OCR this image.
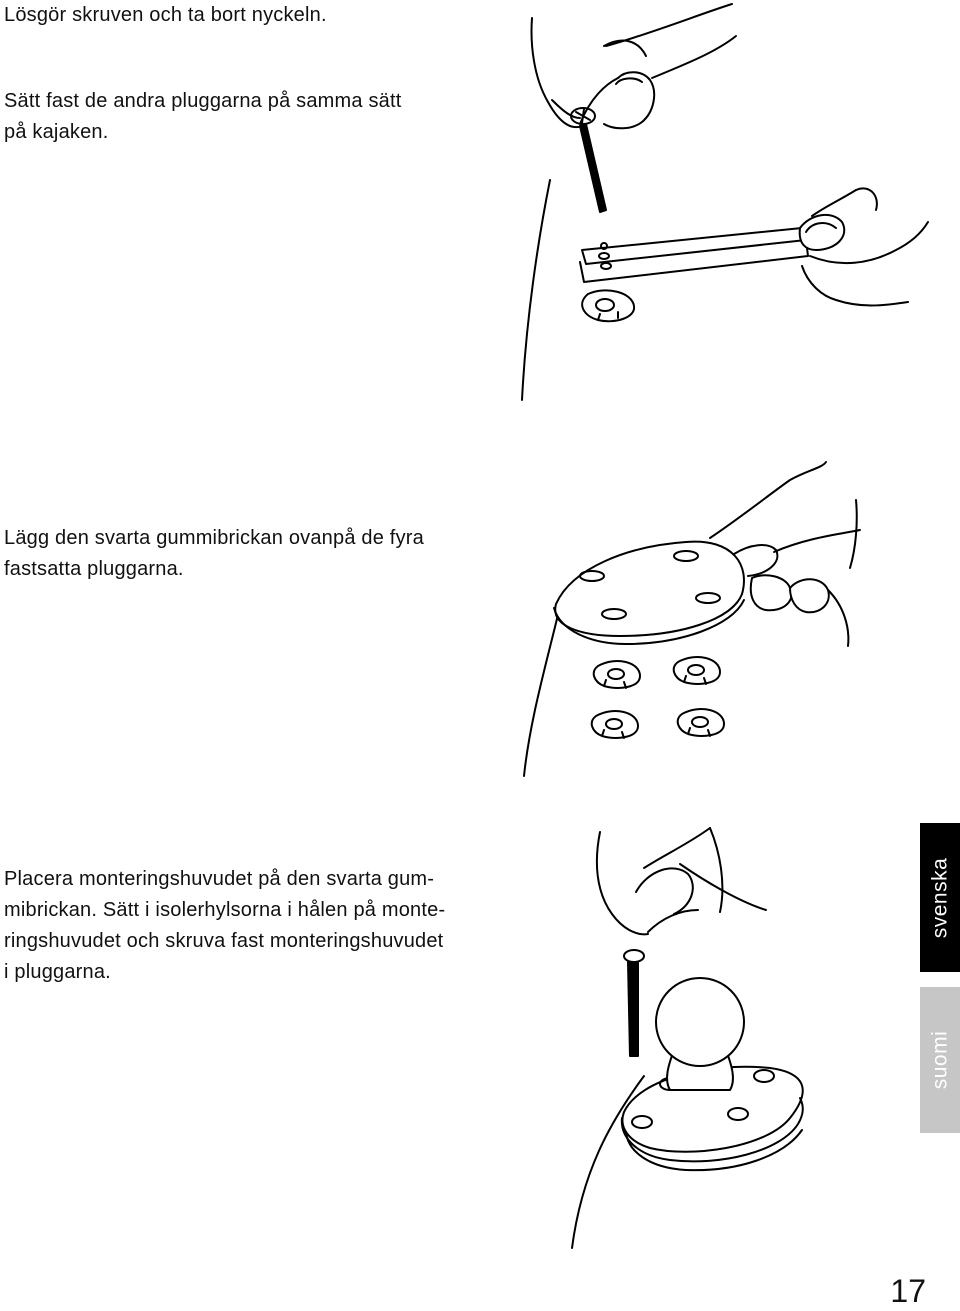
Lösgör skruven och ta bort nyckeln.

Sätt fast de andra pluggarna på samma sätt
på kajaken.

Lägg den svarta gummibrickan ovanpå de fyra
fastsatta pluggarna.

Placera monteringshuvudet på den svarta gum-
mibrickan. Sätt i isolerhylsorna i hålen på monte-
ringshuvudet och skruva fast monteringshuvudet
i pluggarna.

svenska
suomi
17
